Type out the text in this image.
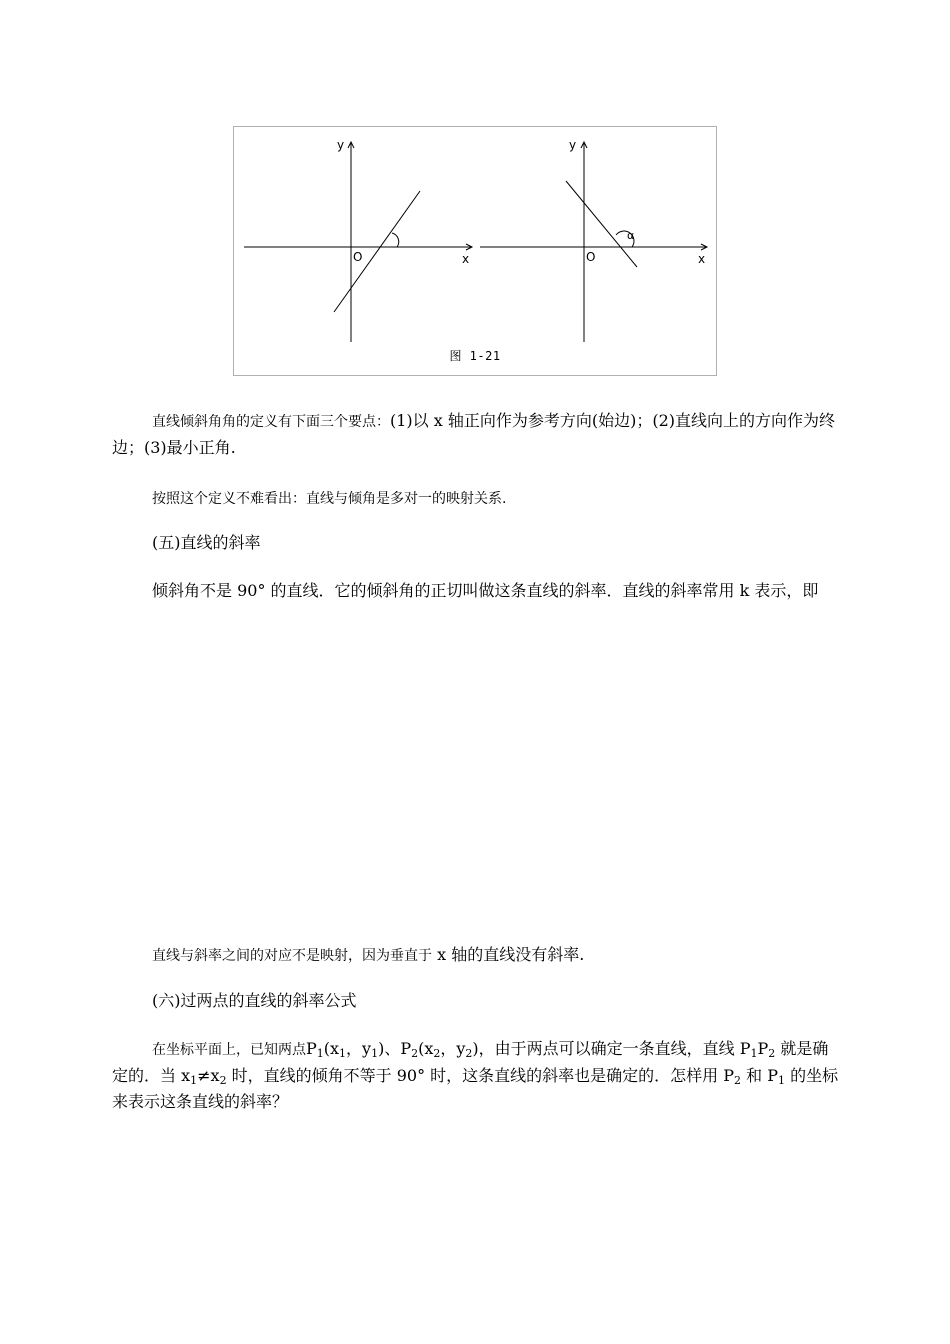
y
x
O
y
x
O
α
图 1-21

直线倾斜角角的定义有下面三个要点：(1)以 x 轴正向作为参考方向(始边)；(2)直线向上的方向作为终边；(3)最小正角.

按照这个定义不难看出：直线与倾角是多对一的映射关系.

(五)直线的斜率

倾斜角不是 90° 的直线．它的倾斜角的正切叫做这条直线的斜率．直线的斜率常用 k 表示，即

直线与斜率之间的对应不是映射，因为垂直于 x 轴的直线没有斜率.

(六)过两点的直线的斜率公式

在坐标平面上，已知两点$P_1(x_1$，$y_1$)、$P_2(x_2$，$y_2$)，由于两点可以确定一条直线，直线 $P_1P_2$ 就是确定的．当 $x_1\ne x_2$ 时，直线的倾角不等于 90° 时，这条直线的斜率也是确定的．怎样用 $P_2$ 和 $P_1$ 的坐标来表示这条直线的斜率？
